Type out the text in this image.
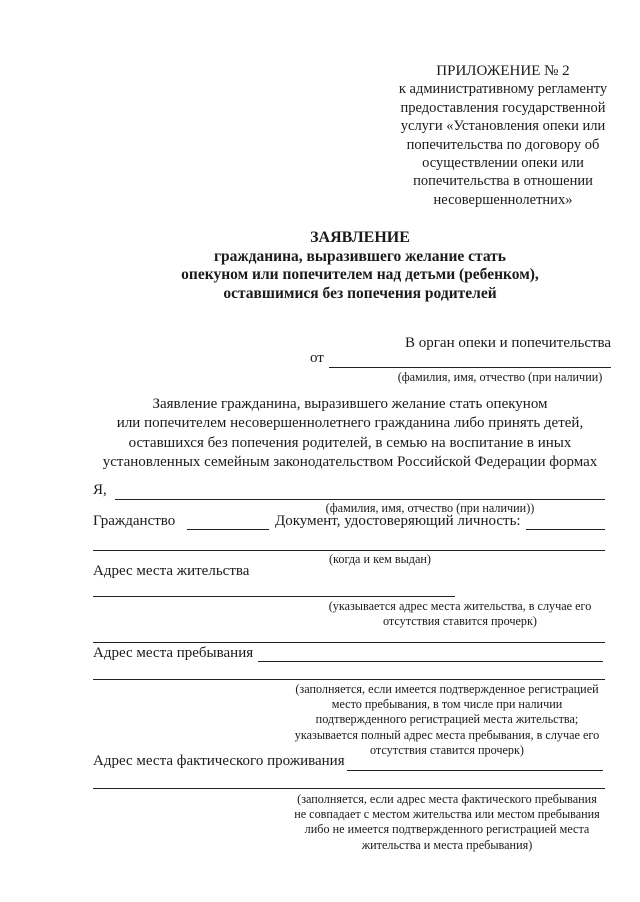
ПРИЛОЖЕНИЕ № 2
к административному регламенту
предоставления государственной
услуги «Установления опеки или
попечительства по договору об
осуществлении опеки или
попечительства в отношении
несовершеннолетних»
ЗАЯВЛЕНИЕ
гражданина, выразившего желание стать
опекуном или попечителем над детьми (ребенком),
оставшимися без попечения родителей
В орган опеки и попечительства
от
(фамилия, имя, отчество (при наличии)
Заявление гражданина, выразившего желание стать опекуном
или попечителем несовершеннолетнего гражданина либо принять детей,
оставшихся без попечения родителей, в семью на воспитание в иных
установленных семейным законодательством Российской Федерации формах
Я,
(фамилия, имя, отчество (при наличии))
Гражданство	Документ, удостоверяющий личность:
(когда и кем выдан)
Адрес места жительства
(указывается адрес места жительства, в случае его
отсутствия ставится прочерк)
Адрес места пребывания
(заполняется, если имеется подтвержденное регистрацией
место пребывания, в том числе при наличии
подтвержденного регистрацией места жительства;
указывается полный адрес места пребывания, в случае его
отсутствия ставится прочерк)
Адрес места фактического проживания
(заполняется, если адрес места фактического пребывания
не совпадает с местом жительства или местом пребывания
либо не имеется подтвержденного регистрацией места
жительства и места пребывания)
